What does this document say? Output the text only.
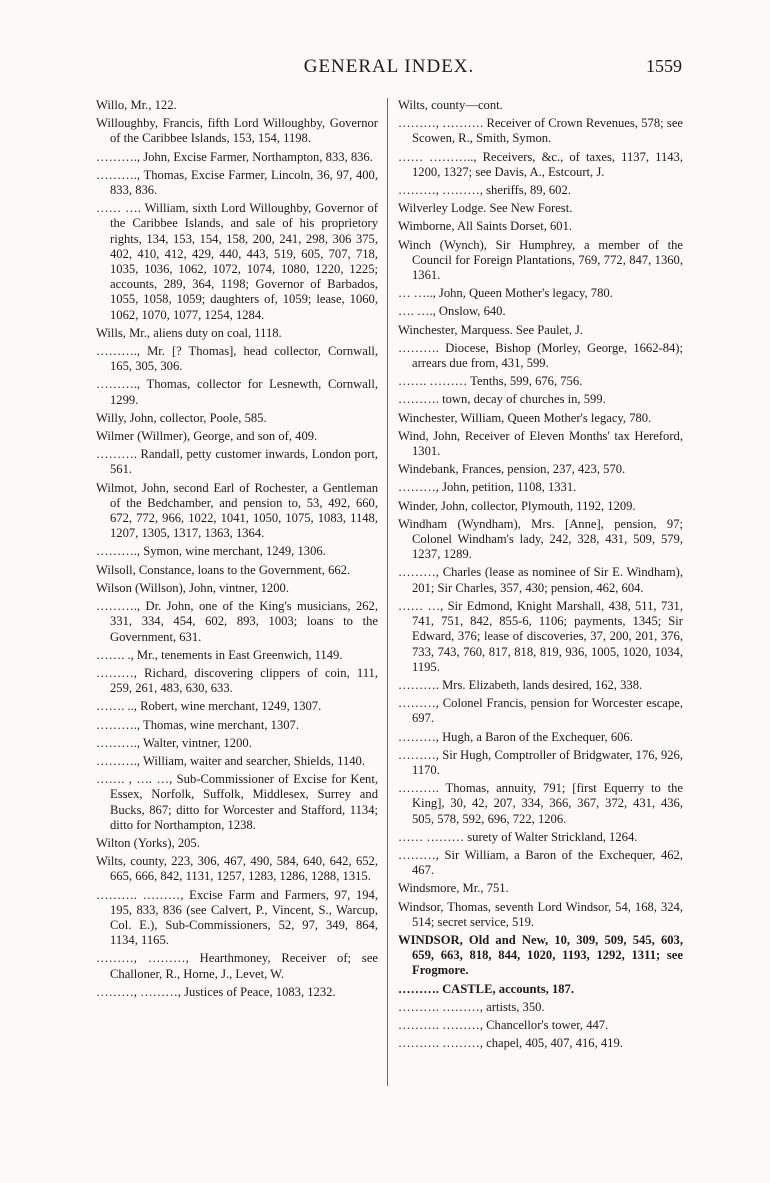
GENERAL INDEX.	1559
Willo, Mr., 122.
Willoughby, Francis, fifth Lord Willoughby, Governor of the Caribbee Islands, 153, 154, 1198.
………., John, Excise Farmer, Northampton, 833, 836.
………., Thomas, Excise Farmer, Lincoln, 36, 97, 400, 833, 836.
…… …. William, sixth Lord Willoughby, Governor of the Caribbee Islands, and sale of his proprietory rights, 134, 153, 154, 158, 200, 241, 298, 306 375, 402, 410, 412, 429, 440, 443, 519, 605, 707, 718, 1035, 1036, 1062, 1072, 1074, 1080, 1220, 1225; accounts, 289, 364, 1198; Governor of Barbados, 1055, 1058, 1059; daughters of, 1059; lease, 1060, 1062, 1070, 1077, 1254, 1284.
Wills, Mr., aliens duty on coal, 1118.
………., Mr. [? Thomas], head collector, Cornwall, 165, 305, 306.
………., Thomas, collector for Lesnewth, Cornwall, 1299.
Willy, John, collector, Poole, 585.
Wilmer (Willmer), George, and son of, 409.
………. Randall, petty customer inwards, London port, 561.
Wilmot, John, second Earl of Rochester, a Gentleman of the Bedchamber, and pension to, 53, 492, 660, 672, 772, 966, 1022, 1041, 1050, 1075, 1083, 1148, 1207, 1305, 1317, 1363, 1364.
………., Symon, wine merchant, 1249, 1306.
Wilsoll, Constance, loans to the Government, 662.
Wilson (Willson), John, vintner, 1200.
………., Dr. John, one of the King's musicians, 262, 331, 334, 454, 602, 893, 1003; loans to the Government, 631.
……. ., Mr., tenements in East Greenwich, 1149.
………, Richard, discovering clippers of coin, 111, 259, 261, 483, 630, 633.
……. .., Robert, wine merchant, 1249, 1307.
………., Thomas, wine merchant, 1307.
………., Walter, vintner, 1200.
………., William, waiter and searcher, Shields, 1140.
……. , …. …, Sub-Commissioner of Excise for Kent, Essex, Norfolk, Suffolk, Middlesex, Surrey and Bucks, 867; ditto for Worcester and Stafford, 1134; ditto for Northampton, 1238.
Wilton (Yorks), 205.
Wilts, county, 223, 306, 467, 490, 584, 640, 642, 652, 665, 666, 842, 1131, 1257, 1283, 1286, 1288, 1315.
………. ………, Excise Farm and Farmers, 97, 194, 195, 833, 836 (see Calvert, P., Vincent, S., Warcup, Col. E.), Sub-Commissioners, 52, 97, 349, 864, 1134, 1165.
………, ………, Hearthmoney, Receiver of; see Challoner, R., Horne, J., Levet, W.
………, ………, Justices of Peace, 1083, 1232.
Wilts, county—cont.
………, ………. Receiver of Crown Revenues, 578; see Scowen, R., Smith, Symon.
…… ……….., Receivers, &c., of taxes, 1137, 1143, 1200, 1327; see Davis, A., Estcourt, J.
………, ………, sheriffs, 89, 602.
Wilverley Lodge. See New Forest.
Wimborne, All Saints Dorset, 601.
Winch (Wynch), Sir Humphrey, a member of the Council for Foreign Plantations, 769, 772, 847, 1360, 1361.
… ….., John, Queen Mother's legacy, 780.
…. …., Onslow, 640.
Winchester, Marquess. See Paulet, J.
………. Diocese, Bishop (Morley, George, 1662-84); arrears due from, 431, 599.
……. ……… Tenths, 599, 676, 756.
………. town, decay of churches in, 599.
Winchester, William, Queen Mother's legacy, 780.
Wind, John, Receiver of Eleven Months' tax Hereford, 1301.
Windebank, Frances, pension, 237, 423, 570.
………, John, petition, 1108, 1331.
Winder, John, collector, Plymouth, 1192, 1209.
Windham (Wyndham), Mrs. [Anne], pension, 97; Colonel Windham's lady, 242, 328, 431, 509, 579, 1237, 1289.
………, Charles (lease as nominee of Sir E. Windham), 201; Sir Charles, 357, 430; pension, 462, 604.
…… …, Sir Edmond, Knight Marshall, 438, 511, 731, 741, 751, 842, 855-6, 1106; payments, 1345; Sir Edward, 376; lease of discoveries, 37, 200, 201, 376, 733, 743, 760, 817, 818, 819, 936, 1005, 1020, 1034, 1195.
………. Mrs. Elizabeth, lands desired, 162, 338.
………, Colonel Francis, pension for Worcester escape, 697.
………, Hugh, a Baron of the Exchequer, 606.
………, Sir Hugh, Comptroller of Bridgwater, 176, 926, 1170.
………. Thomas, annuity, 791; [first Equerry to the King], 30, 42, 207, 334, 366, 367, 372, 431, 436, 505, 578, 592, 696, 722, 1206.
…… ……… surety of Walter Strickland, 1264.
………, Sir William, a Baron of the Exchequer, 462, 467.
Windsmore, Mr., 751.
Windsor, Thomas, seventh Lord Windsor, 54, 168, 324, 514; secret service, 519.
WINDSOR, Old and New, 10, 309, 509, 545, 603, 659, 663, 818, 844, 1020, 1193, 1292, 1311; see Frogmore.
………. CASTLE, accounts, 187.
………. ………, artists, 350.
………. ………, Chancellor's tower, 447.
………. ………, chapel, 405, 407, 416, 419.
